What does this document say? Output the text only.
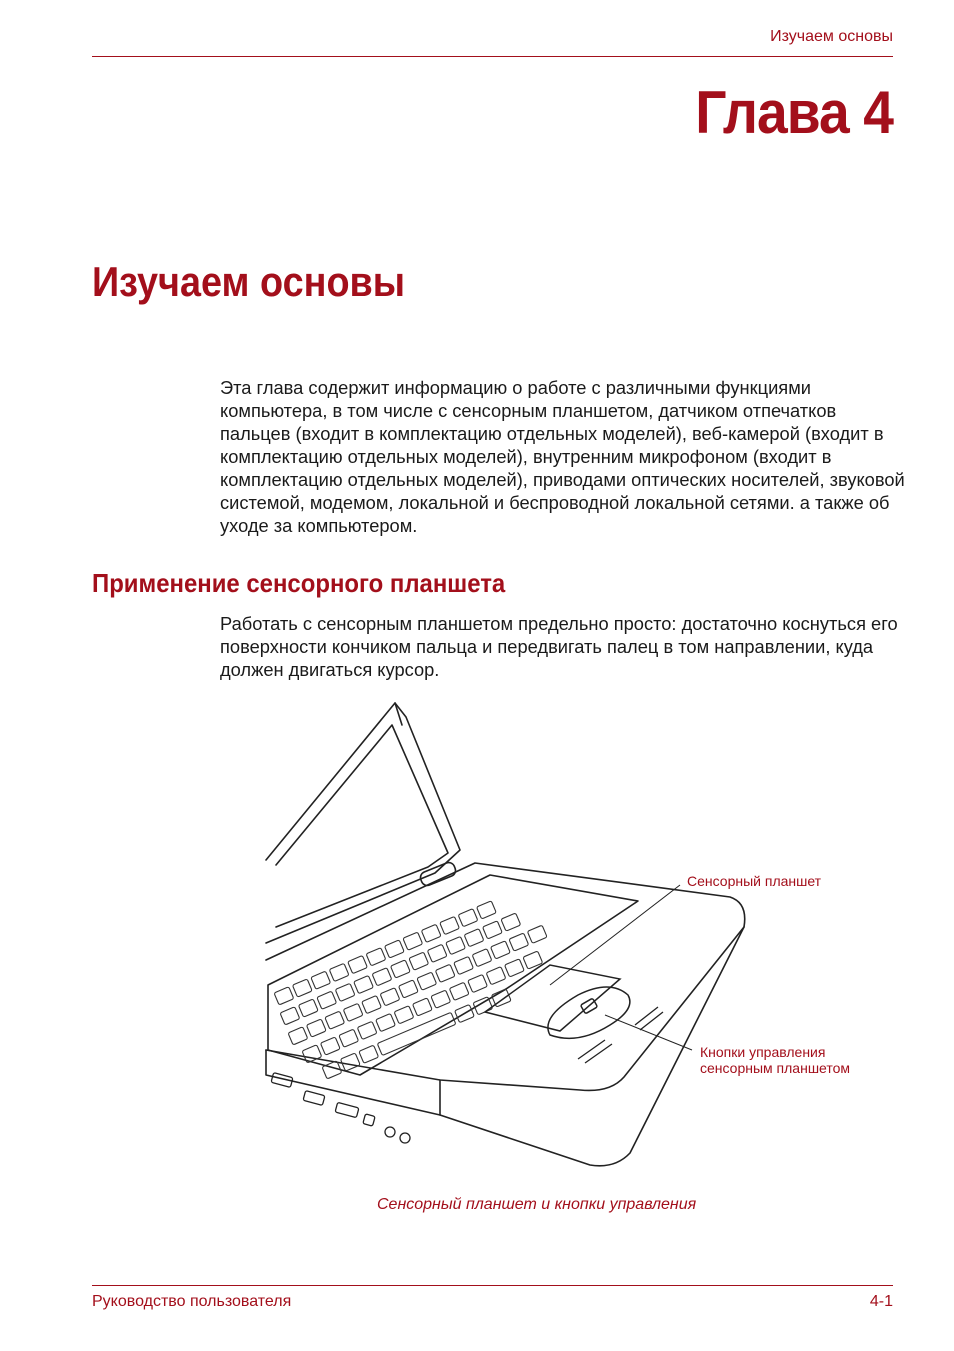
Изучаем основы
Глава 4
Изучаем основы

Эта глава содержит информацию о работе с различными функциями компьютера, в том числе с сенсорным планшетом, датчиком отпечатков пальцев (входит в комплектацию отдельных моделей), веб-камерой (входит в комплектацию отдельных моделей), внутренним микрофоном (входит в комплектацию отдельных моделей), приводами оптических носителей, звуковой системой, модемом, локальной и беспроводной локальной сетями. а также об уходе за компьютером.

Применение сенсорного планшета

Работать с сенсорным планшетом предельно просто: достаточно коснуться его поверхности кончиком пальца и передвигать палец в том направлении, куда должен двигаться курсор.

Сенсорный планшет
Кнопки управления
сенсорным планшетом

Сенсорный планшет и кнопки управления

Руководство пользователя	4-1
